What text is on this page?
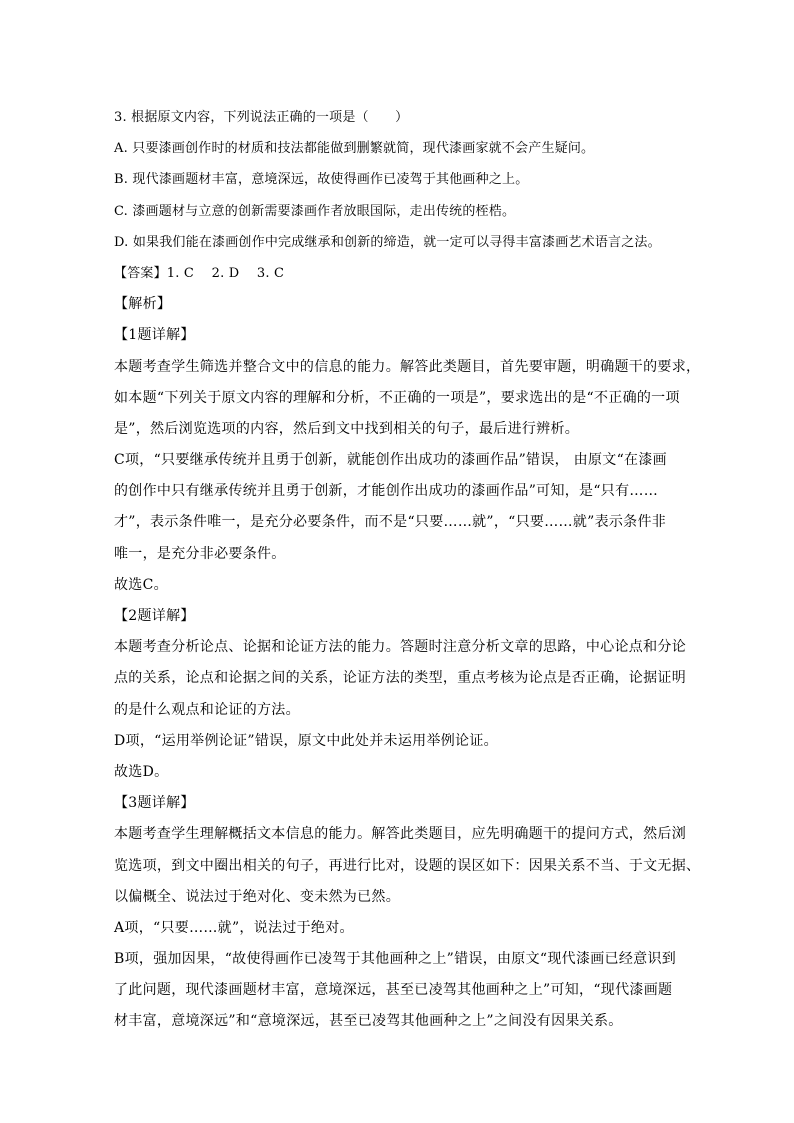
3. 根据原文内容，下列说法正确的一项是（　　）
A. 只要漆画创作时的材质和技法都能做到删繁就简，现代漆画家就不会产生疑问。
B. 现代漆画题材丰富，意境深远，故使得画作已凌驾于其他画种之上。
C. 漆画题材与立意的创新需要漆画作者放眼国际，走出传统的桎梏。
D. 如果我们能在漆画创作中完成继承和创新的缔造，就一定可以寻得丰富漆画艺术语言之法。
【答案】1. C　 2. D　 3. C
【解析】
【1题详解】
本题考查学生筛选并整合文中的信息的能力。解答此类题目，首先要审题，明确题干的要求，
如本题“下列关于原文内容的理解和分析，不正确的一项是”，要求选出的是“不正确的一项
是”，然后浏览选项的内容，然后到文中找到相关的句子，最后进行辨析。
C项，“只要继承传统并且勇于创新，就能创作出成功的漆画作品”错误， 由原文“在漆画
的创作中只有继承传统并且勇于创新，才能创作出成功的漆画作品”可知，是“只有……
才”，表示条件唯一，是充分必要条件，而不是“只要……就”，“只要……就”表示条件非
唯一，是充分非必要条件。
故选C。
【2题详解】
本题考查分析论点、论据和论证方法的能力。答题时注意分析文章的思路，中心论点和分论
点的关系，论点和论据之间的关系，论证方法的类型，重点考核为论点是否正确，论据证明
的是什么观点和论证的方法。
D项，“运用举例论证”错误，原文中此处并未运用举例论证。
故选D。
【3题详解】
本题考查学生理解概括文本信息的能力。解答此类题目，应先明确题干的提问方式，然后浏
览选项，到文中圈出相关的句子，再进行比对，设题的误区如下：因果关系不当、于文无据、
以偏概全、说法过于绝对化、变未然为已然。
A项，“只要……就”，说法过于绝对。
B项，强加因果，“故使得画作已凌驾于其他画种之上”错误，由原文“现代漆画已经意识到
了此问题，现代漆画题材丰富，意境深远，甚至已凌驾其他画种之上”可知，“现代漆画题
材丰富，意境深远”和“意境深远，甚至已凌驾其他画种之上”之间没有因果关系。
